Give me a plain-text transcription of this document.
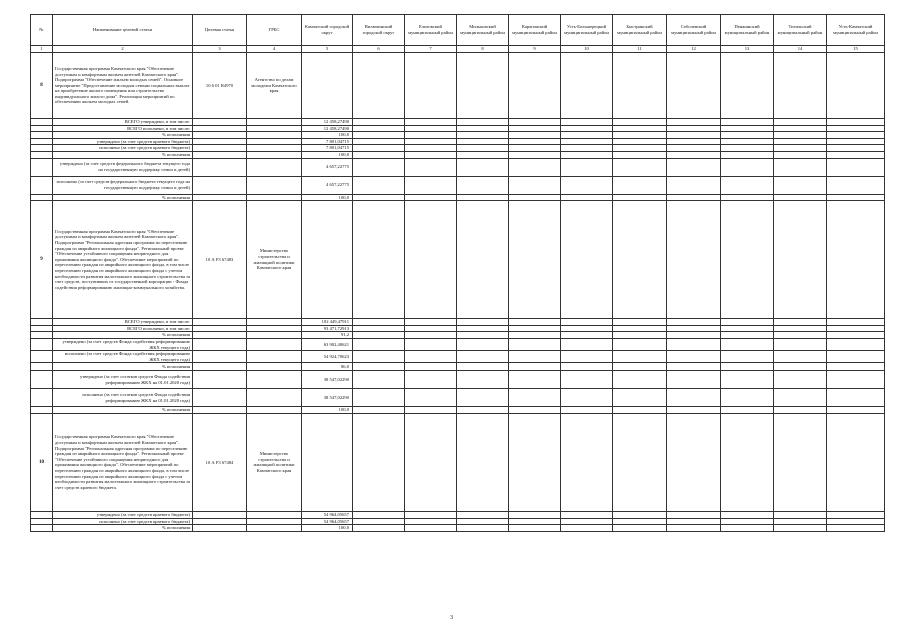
№	Наименование целевой статьи	Целевая статья	ГРБС	Камчатский городской округ	Вилючинский городской округ	Елизовский муниципальный район	Мильковский муниципальный район	Карагинский муниципальный район	Усть-Большерецкий муниципальный район	Быстринский муниципальный район	Соболевский муниципальный район	Пенжинский муниципальный район	Тигильский муниципальный район	Усть-Камчатский муниципальный район
1	2	3	4	5	6	7	8	9	10	11	12	13	14	15
8	Государственная программа Камчатского края "Обеспечение доступным и комфортным жильем жителей Камчатского края". Подпрограмма "Обеспечение жильем молодых семей". Основное мероприятие "Предоставление молодым семьям социальных выплат на приобретение жилого помещения или строительство индивидуального жилого дома". Реализация мероприятий по обеспечению жильем молодых семей.	10 6 01 R4970	Агентство по делам молодежи Камчатского края											
	ВСЕГО утверждено, в том числе:			12 458,27490										
	ВСЕГО исполнено, в том числе:			12 458,27490										
	% исполнения			100,0										
	утверждено (за счет средств краевого бюджета)			7 801,04715										
	исполнено (за счет средств краевого бюджета)			7 801,04715										
	% исполнения			100,0										
	утверждено (за счет средств федерального бюджета текущего года на государственную поддержку семьи и детей)			4 657,22775										
	исполнено (за счет средств федерального бюджета текущего года на государственную поддержку семьи и детей)			4 657,22775										
	% исполнения			100,0										
9	Государственная программа Камчатского края "Обеспечение доступным и комфортным жильем жителей Камчатского края". Подпрограмма "Региональная адресная программа по переселению граждан из аварийного жилищного фонда". Региональный проект "Обеспечение устойчивого сокращения непригодного для проживания жилищного фонда". Обеспечение мероприятий по переселению граждан из аварийного жилищного фонда, в том числе переселению граждан из аварийного жилищного фонда с учетом необходимости развития малоэтажного жилищного строительства за счет средств, поступивших от государственной корпорации - Фонда содействия реформированию жилищно-коммунального хозяйства.	10 А F3 67483	Министерство строительства и жилищной политики Камчатского края											
	ВСЕГО утверждено, в том числе:			102 449,47911										
	ВСЕГО исполнено, в том числе:			93 471,72913										
	% исполнения			91,2										
	утверждено (за счет средств Фонда содействия реформированию ЖКХ текущего года)			63 902,40621										
	исполнено (за счет средств Фонда содействия реформированию ЖКХ текущего года)			54 924,70623										
	% исполнения			86,0										
	утверждено (за счет остатков средств Фонда содействия реформированию ЖКХ на 01.01.2020 года)			38 547,02290										
	исполнено (за счет остатков средств Фонда содействия реформированию ЖКХ на 01.01.2020 года)			38 547,02290										
	% исполнения			100,0										
10	Государственная программа Камчатского края "Обеспечение доступным и комфортным жильем жителей Камчатского края". Подпрограмма "Региональная адресная программа по переселению граждан из аварийного жилищного фонда". Региональный проект "Обеспечение устойчивого сокращения непригодного для проживания жилищного фонда". Обеспечение мероприятий по переселению граждан из аварийного жилищного фонда, в том числе переселению граждан из аварийного жилищного фонда с учетом необходимости развития малоэтажного жилищного строительства за счет средств краевого бюджета.	10 А F3 67484	Министерство строительства и жилищной политики Камчатского края											
	утверждено (за счет средств краевого бюджета)			54 964,05657										
	исполнено (за счет средств краевого бюджета)			54 964,05657										
	% исполнения			100,0										
3
